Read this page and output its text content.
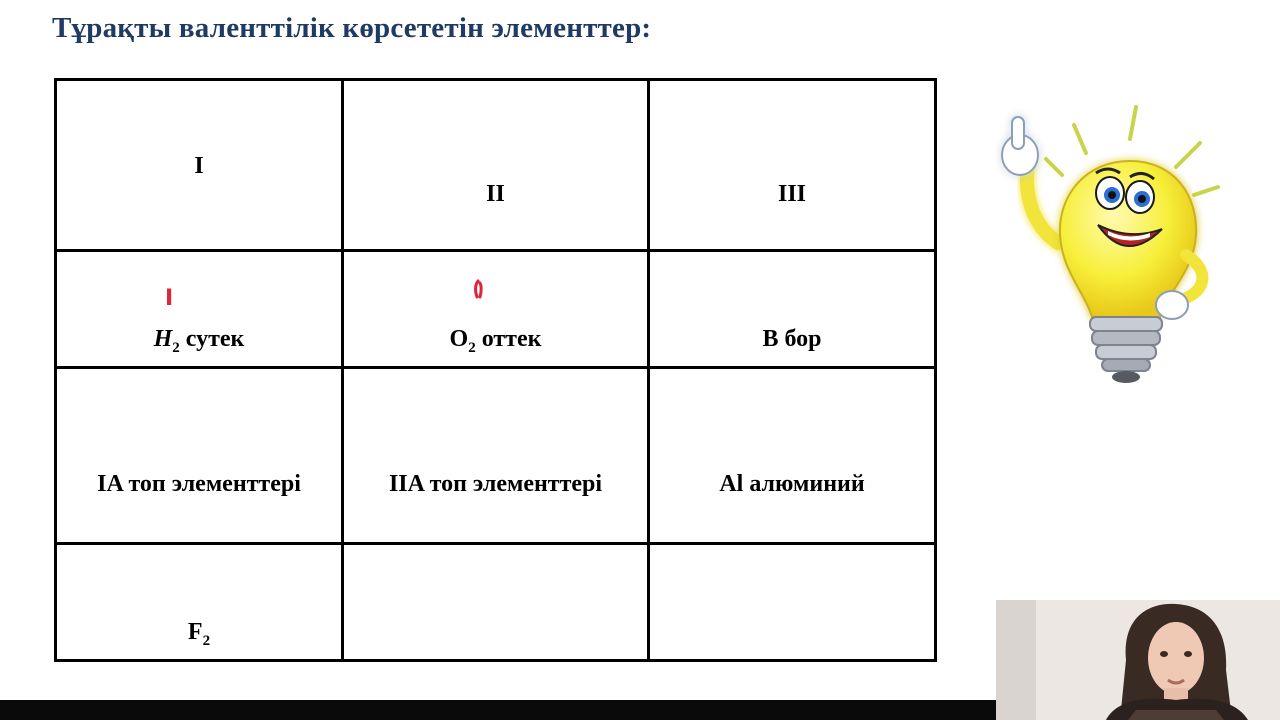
Тұрақты валенттілік көрсететін элементтер:
I	II	III

I
$H_2$ сутек	$O_2$ оттек	B бор

IA топ элементтері	IIA топ элементтері	Al алюминий

$F_2$
